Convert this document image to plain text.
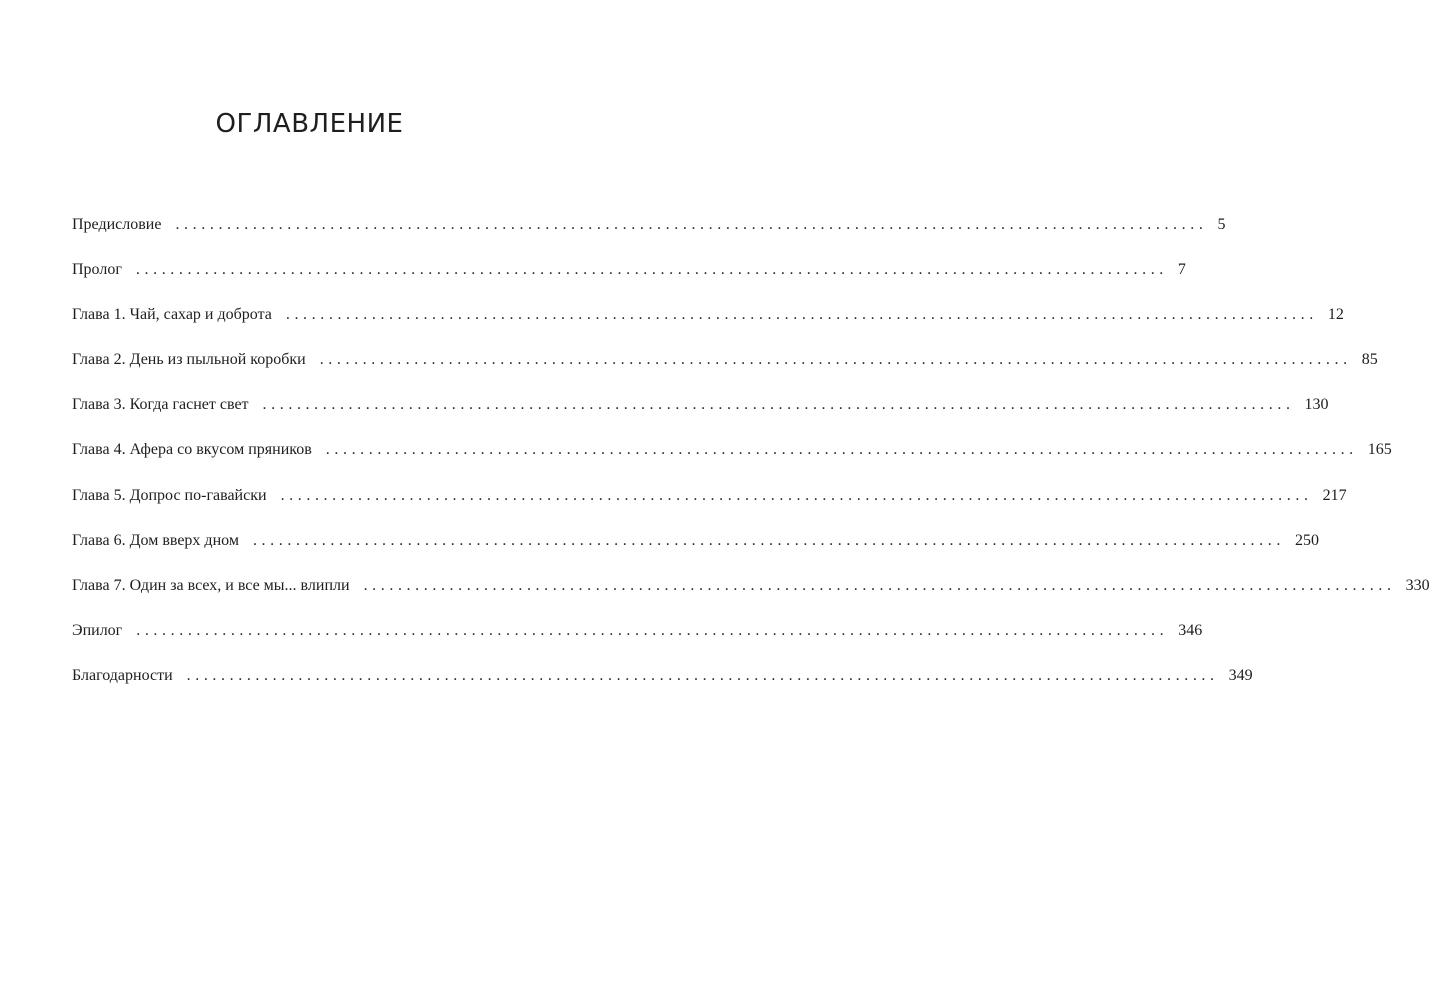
ОГЛАВЛЕНИЕ
Предисловие ........................................................................................................................ 5
Пролог ........................................................................................................................ 7
Глава 1. Чай, сахар и доброта ........................................................................................................................ 12
Глава 2. День из пыльной коробки ........................................................................................................................ 85
Глава 3. Когда гаснет свет ........................................................................................................................ 130
Глава 4. Афера со вкусом пряников ........................................................................................................................ 165
Глава 5. Допрос по-гавайски ........................................................................................................................ 217
Глава 6. Дом вверх дном ........................................................................................................................ 250
Глава 7. Один за всех, и все мы... влипли ........................................................................................................................ 330
Эпилог ........................................................................................................................ 346
Благодарности ........................................................................................................................ 349
